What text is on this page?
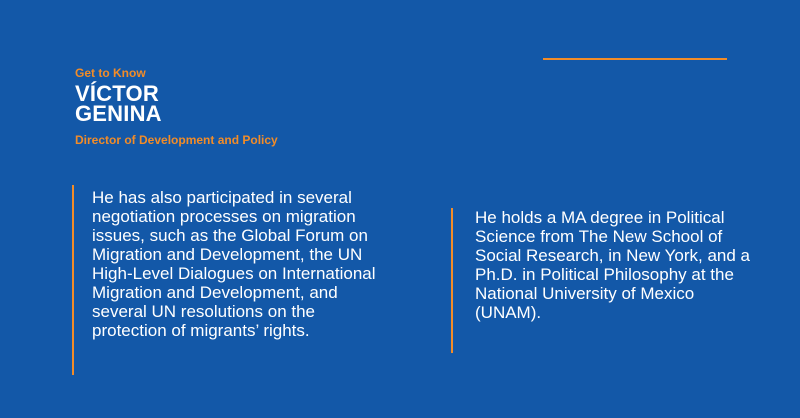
Get to Know
VÍCTOR
GENINA
Director of Development and Policy
He has also participated in several negotiation processes on migration issues, such as the Global Forum on Migration and Development, the UN High-Level Dialogues on International Migration and Development, and several UN resolutions on the protection of migrants’ rights.
He holds a MA degree in Political Science from The New School of Social Research, in New York, and a Ph.D. in Political Philosophy at the National University of Mexico (UNAM).
